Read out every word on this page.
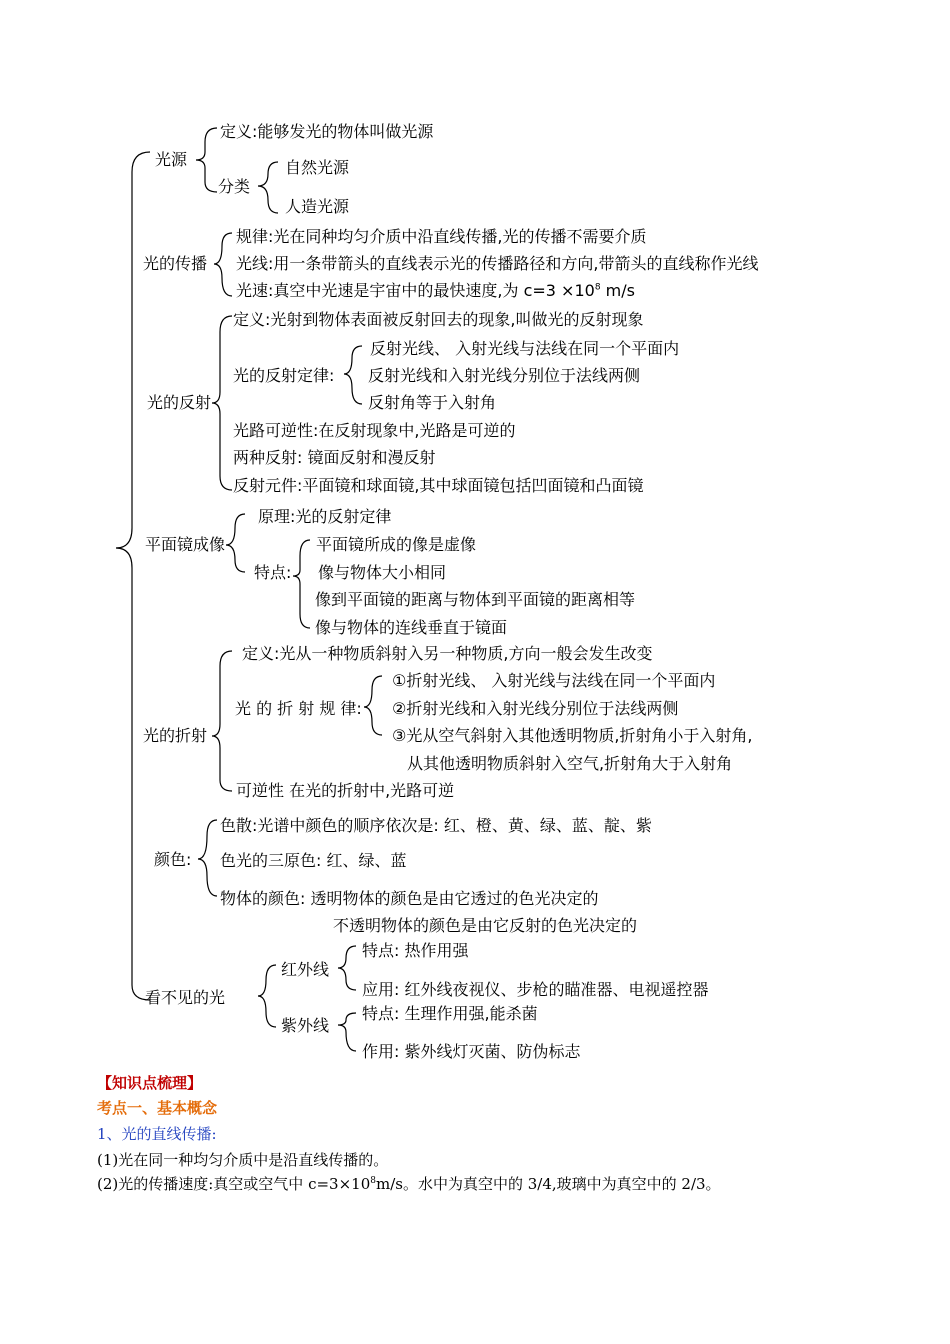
光源
光的传播
光的反射
平面镜成像
光的折射
颜色:
看不见的光
定义:能够发光的物体叫做光源
分类
自然光源
人造光源
规律:光在同种均匀介质中沿直线传播,光的传播不需要介质
光线:用一条带箭头的直线表示光的传播路径和方向,带箭头的直线称作光线
光速:真空中光速是宇宙中的最快速度,为 $c=3 \times 10^8$ m/s
定义:光射到物体表面被反射回去的现象,叫做光的反射现象
光的反射定律:
反射光线、 入射光线与法线在同一个平面内
反射光线和入射光线分别位于法线两侧
反射角等于入射角
光路可逆性:在反射现象中,光路是可逆的
两种反射: 镜面反射和漫反射
反射元件:平面镜和球面镜,其中球面镜包括凹面镜和凸面镜
原理:光的反射定律
特点:
平面镜所成的像是虚像
像与物体大小相同
像到平面镜的距离与物体到平面镜的距离相等
像与物体的连线垂直于镜面
定义:光从一种物质斜射入另一种物质,方向一般会发生改变
光 的 折 射 规 律:
①折射光线、 入射光线与法线在同一个平面内
②折射光线和入射光线分别位于法线两侧
③光从空气斜射入其他透明物质,折射角小于入射角,
从其他透明物质斜射入空气,折射角大于入射角
可逆性 在光的折射中,光路可逆
色散:光谱中颜色的顺序依次是: 红、橙、黄、绿、蓝、靛、紫
色光的三原色: 红、绿、蓝
物体的颜色: 透明物体的颜色是由它透过的色光决定的
不透明物体的颜色是由它反射的色光决定的
红外线
特点: 热作用强
应用: 红外线夜视仪、步枪的瞄准器、电视遥控器
紫外线
特点: 生理作用强,能杀菌
作用: 紫外线灯灭菌、防伪标志
【知识点梳理】
考点一、基本概念
1、光的直线传播:
(1)光在同一种均匀介质中是沿直线传播的。
(2)光的传播速度:真空或空气中 $c=3\times 10^8m/s$。水中为真空中的 3/4,玻璃中为真空中的 2/3。
